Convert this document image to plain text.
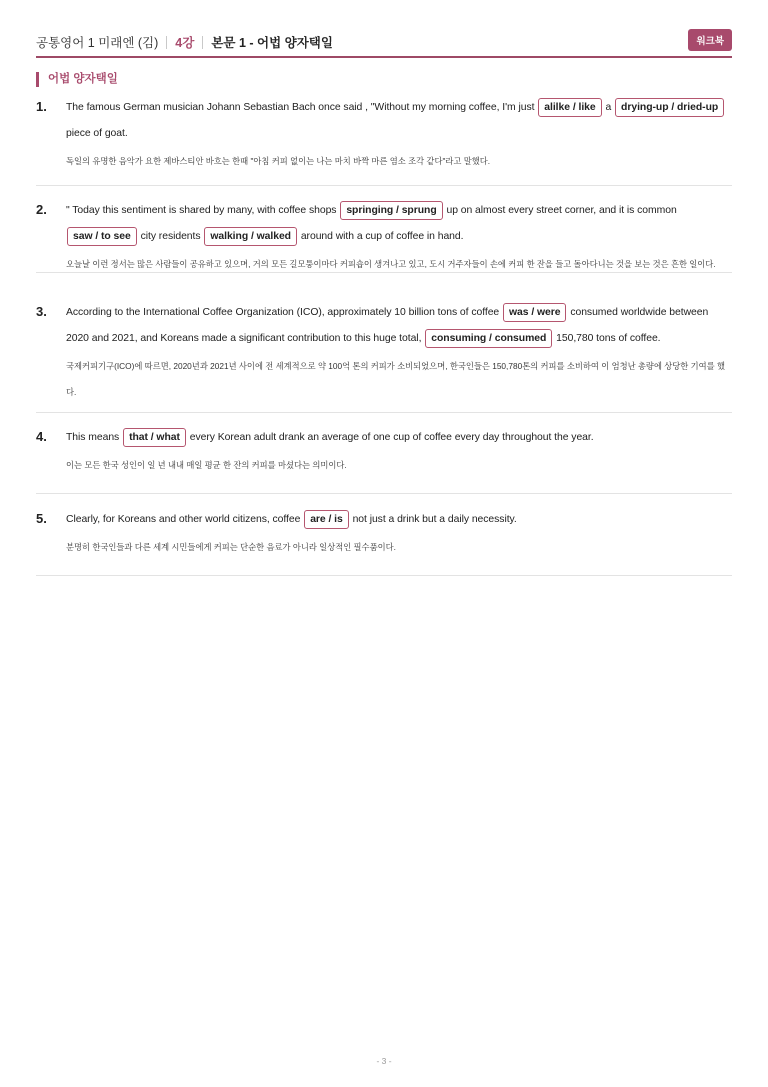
공통영어 1 미래엔 (김) 4강 본문 1 - 어법 양자택일	워크북
어법 양자택일
1. The famous German musician Johann Sebastian Bach once said , "Without my morning coffee, I'm just alilke / like a drying-up / dried-up piece of goat.
독일의 유명한 음악가 요한 제바스티안 바흐는 한때 "아침 커피 없이는 나는 마치 바짝 마른 염소 조각 같다"라고 말했다.
2. " Today this sentiment is shared by many, with coffee shops springing / sprung up on almost every street corner, and it is common saw / to see city residents walking / walked around with a cup of coffee in hand.
오늘날 이런 정서는 많은 사람들이 공유하고 있으며, 거의 모든 길모퉁이마다 커피숍이 생겨나고 있고, 도시 거주자들이 손에 커피 한 잔을 들고 돌아다니는 것을 보는 것은 흔한 일이다.
3. According to the International Coffee Organization (ICO), approximately 10 billion tons of coffee was / were consumed worldwide between 2020 and 2021, and Koreans made a significant contribution to this huge total, consuming / consumed 150,780 tons of coffee.
국제커피기구(ICO)에 따르면, 2020년과 2021년 사이에 전 세계적으로 약 100억 톤의 커피가 소비되었으며, 한국인들은 150,780톤의 커피를 소비하여 이 엄청난 총량에 상당한 기여를 했다.
4. This means that / what every Korean adult drank an average of one cup of coffee every day throughout the year.
이는 모든 한국 성인이 일 년 내내 매일 평균 한 잔의 커피를 마셨다는 의미이다.
5. Clearly, for Koreans and other world citizens, coffee are / is not just a drink but a daily necessity.
분명히 한국인들과 다른 세계 시민들에게 커피는 단순한 음료가 아니라 일상적인 필수품이다.
- 3 -
